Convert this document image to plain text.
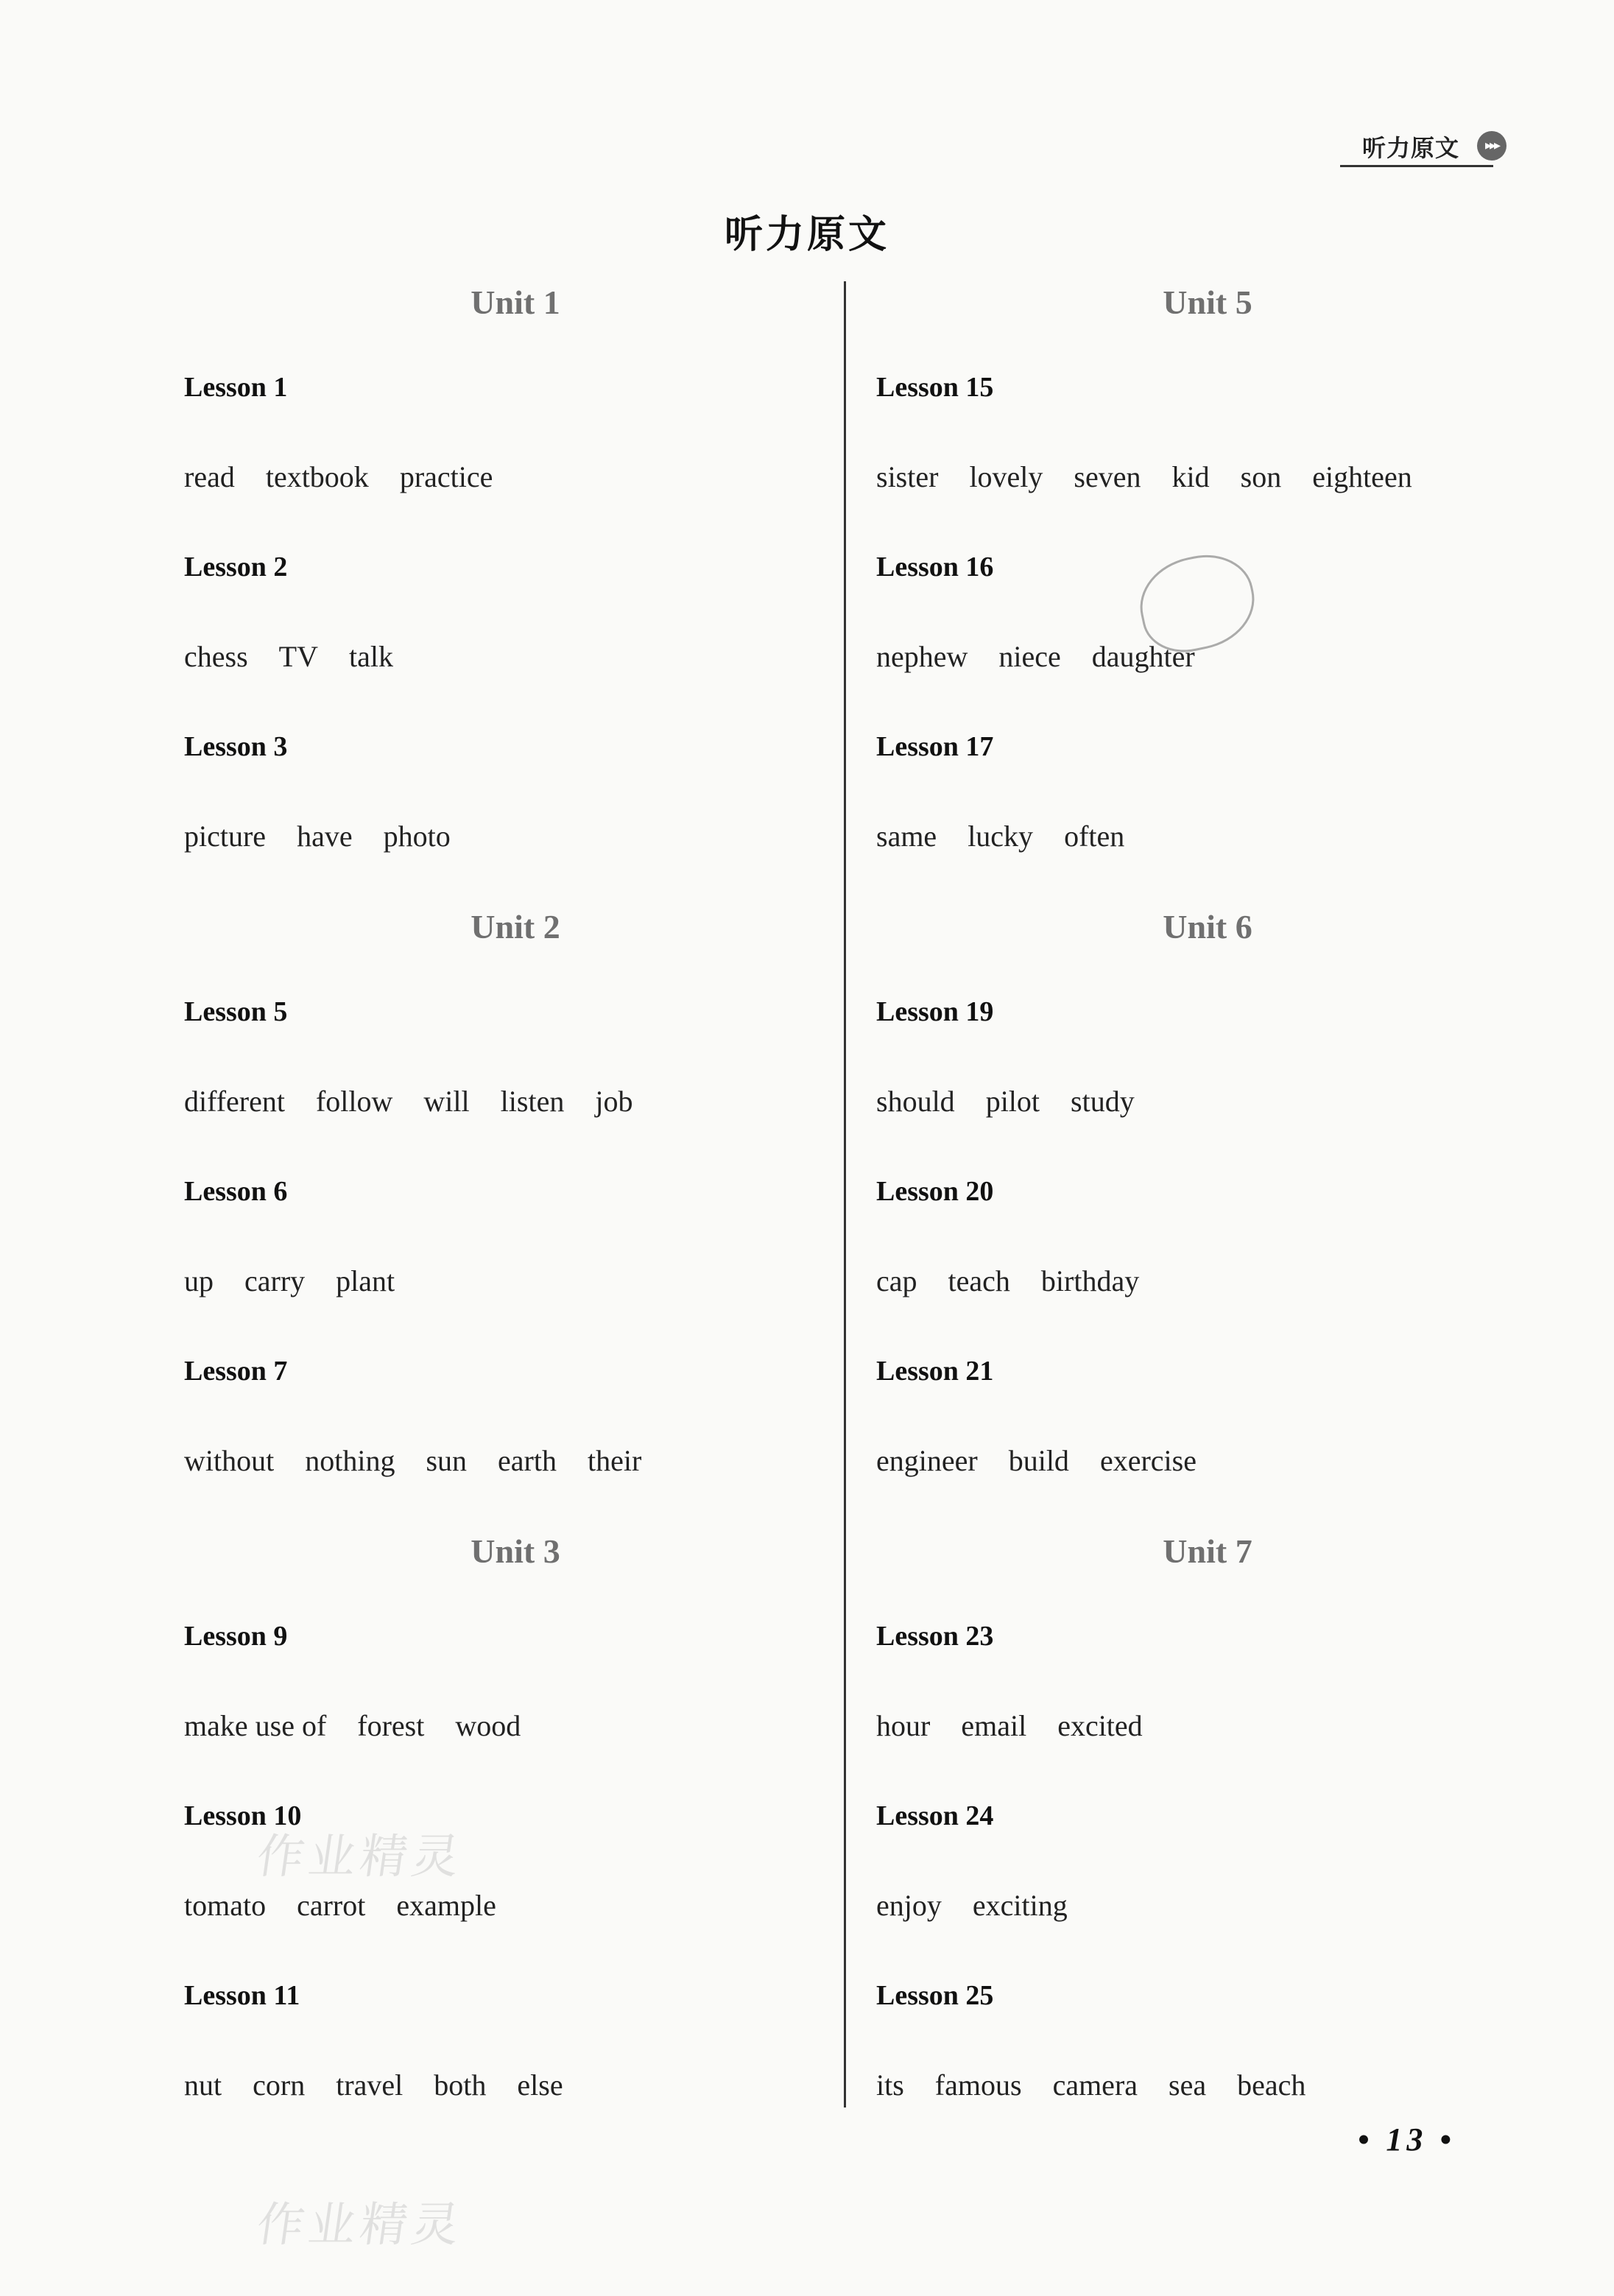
听力原文	▸▸▸
听力原文
Unit 1
Lesson 1
read textbook practice
Lesson 2
chess TV talk
Lesson 3
picture have photo
Unit 2
Lesson 5
different follow will listen job
Lesson 6
up carry plant
Lesson 7
without nothing sun earth their
Unit 3
Lesson 9
make use of forest wood
Lesson 10
tomato carrot example
Lesson 11
nut corn travel both else
Unit 5
Lesson 15
sister lovely seven kid son eighteen
Lesson 16
nephew niece daughter
Lesson 17
same lucky often
Unit 6
Lesson 19
should pilot study
Lesson 20
cap teach birthday
Lesson 21
engineer build exercise
Unit 7
Lesson 23
hour email excited
Lesson 24
enjoy exciting
Lesson 25
its famous camera sea beach
作业精灵
作业精灵
• 13 •
